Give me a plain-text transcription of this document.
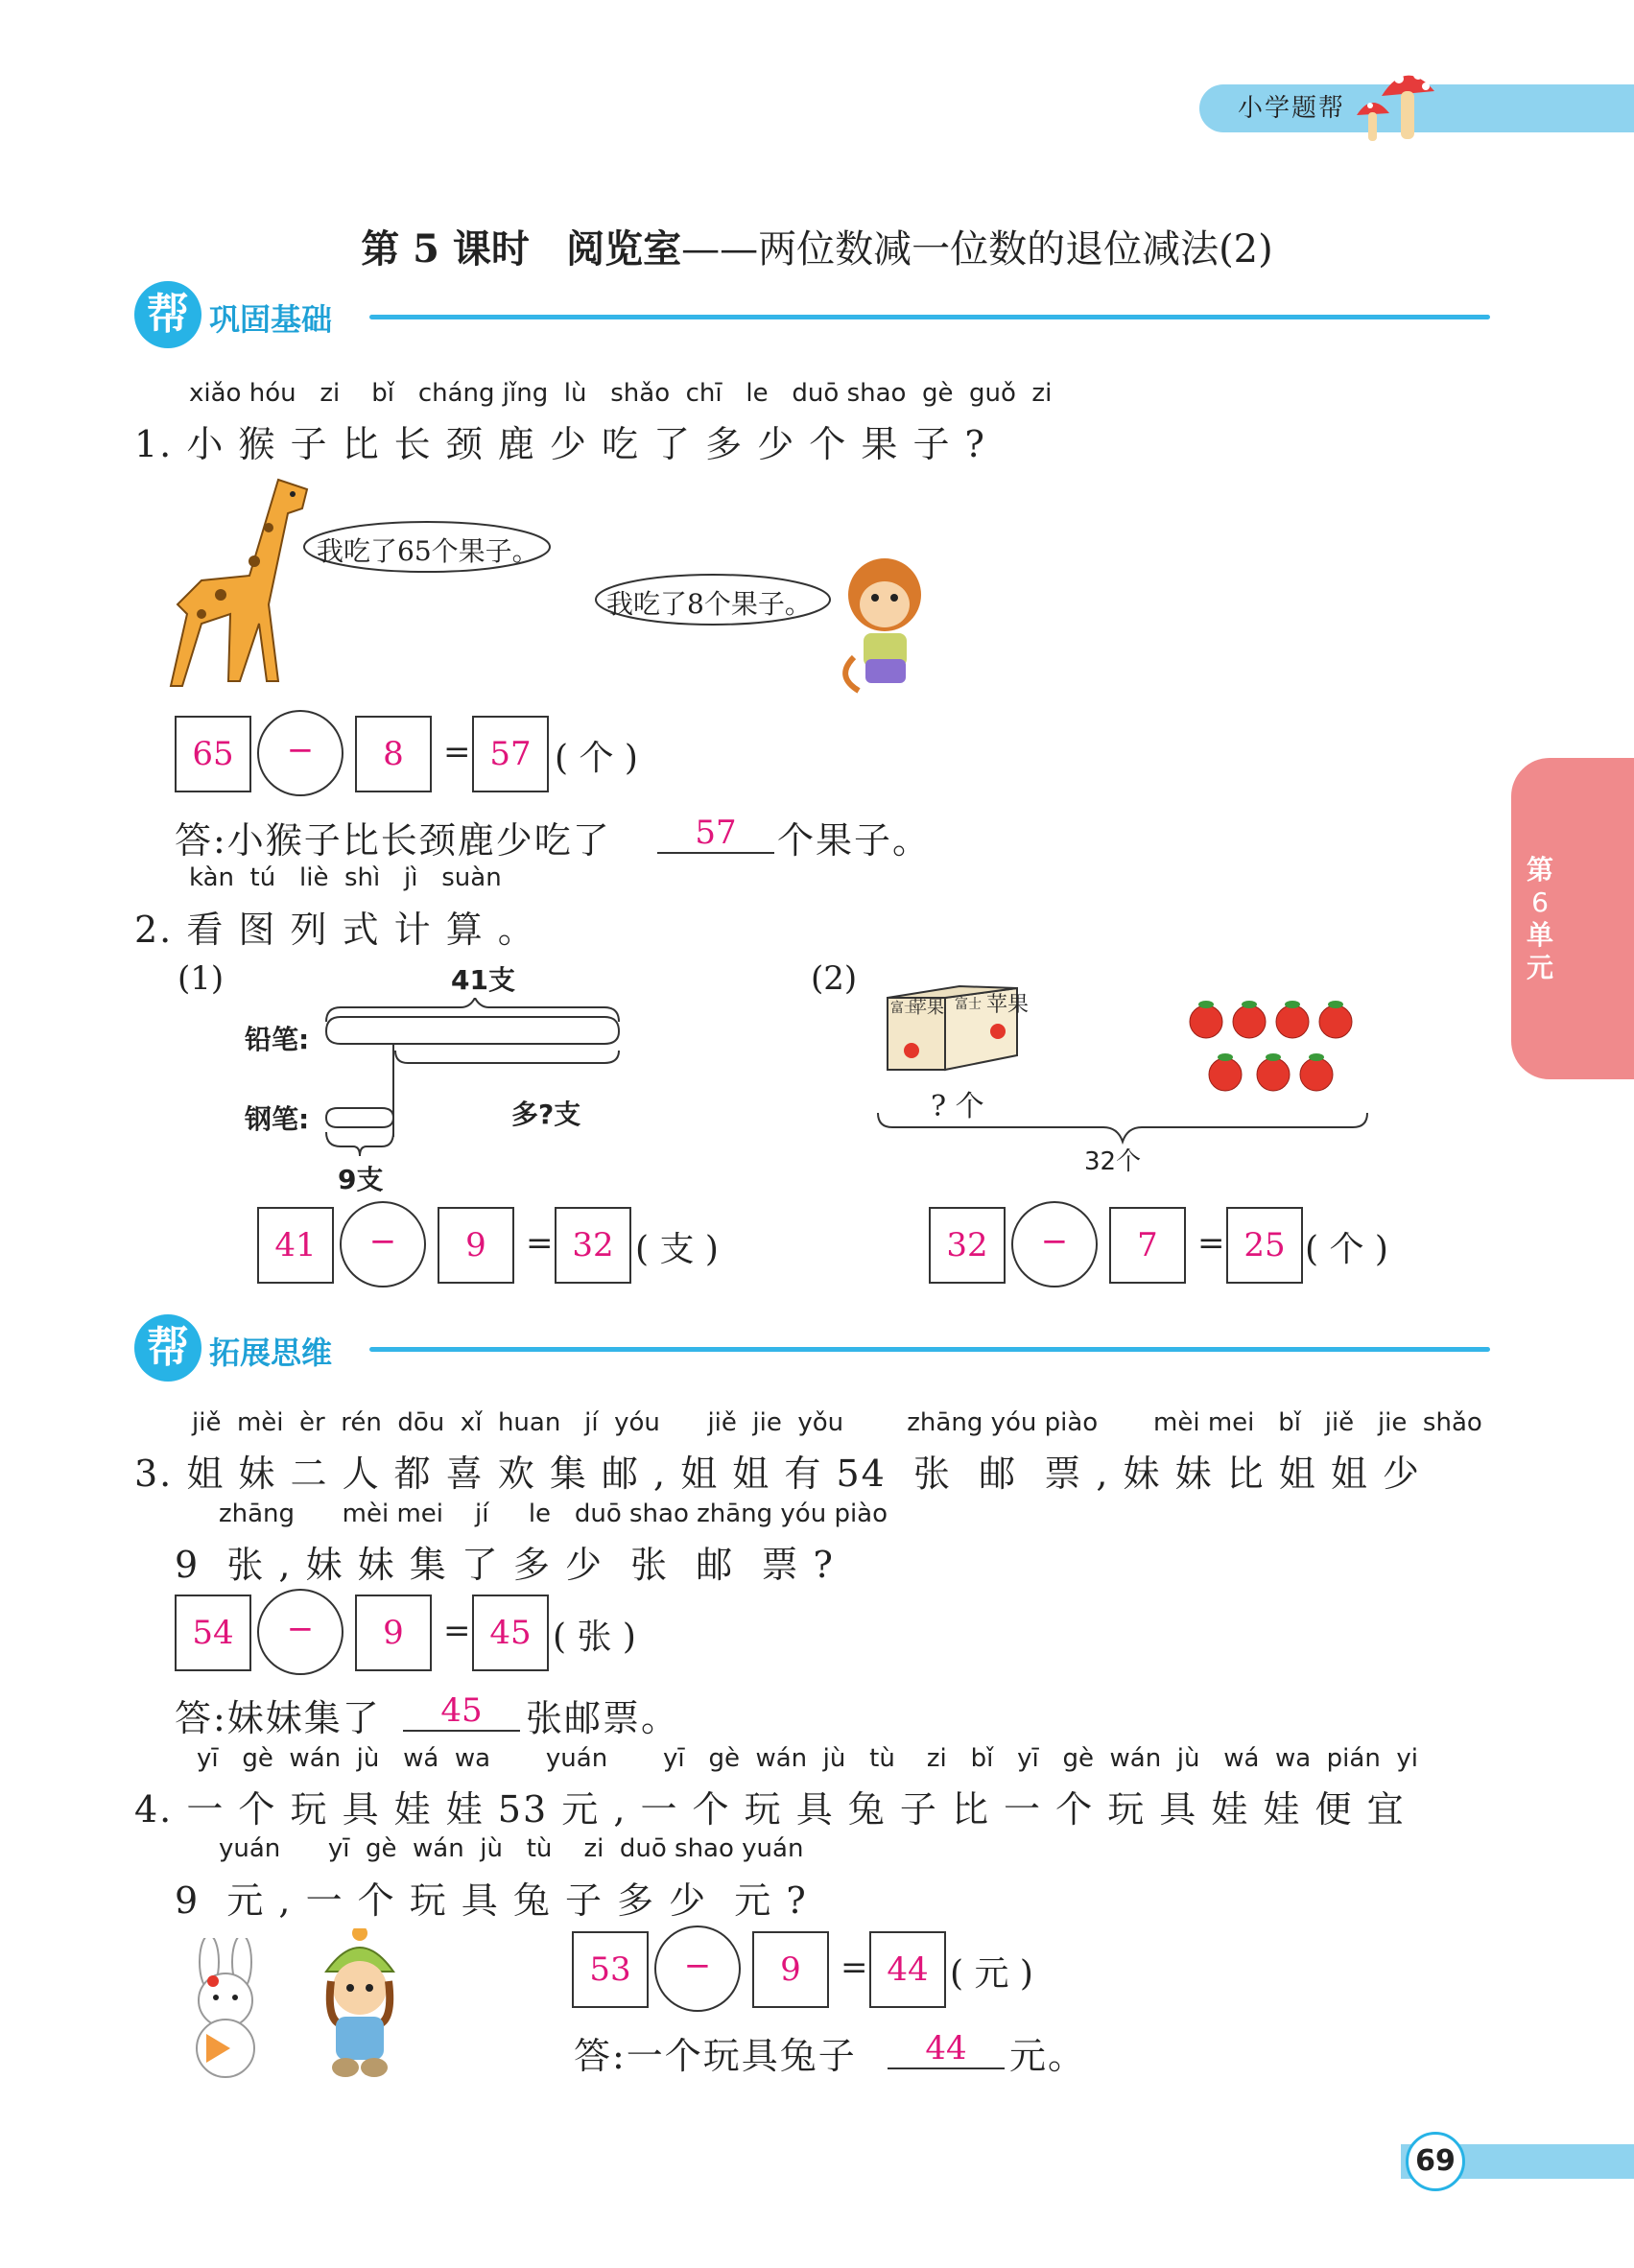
小学题帮
第 5 课时 阅览室——两位数减一位数的退位减法(2)
帮 巩固基础
xiǎo hóu   zi    bǐ   cháng jǐng  lù   shǎo  chī   le   duō shao  gè  guǒ  zi
1. 小 猴 子 比 长 颈 鹿 少 吃 了 多 少 个 果 子 ?
我吃了65个果子。
我吃了8个果子。
65	−	8	= 57 ( 个 )
答:小猴子比长颈鹿少吃了	57	个果子。
kàn  tú   liè  shì   jì   suàn
2. 看 图 列 式 计 算 。
(1)	41支
铅笔:
钢笔:	多?支
9支
41	−	9	= 32 ( 支 )
(2)
富士
苹果 富士 苹果
? 个
32个
32	−	7	= 25 ( 个 )
帮 拓展思维
jiě  mèi  èr  rén  dōu  xǐ  huan   jí  yóu      jiě  jie  yǒu        zhāng yóu piào       mèi mei   bǐ   jiě   jie  shǎo
3. 姐 妹 二 人 都 喜 欢 集 邮 , 姐 姐 有 54  张  邮  票 , 妹 妹 比 姐 姐 少
zhāng      mèi mei    jí     le   duō shao zhāng yóu piào
9  张 , 妹 妹 集 了 多 少  张  邮  票 ?
54	−	9	= 45 ( 张 )
答:妹妹集了	45	张邮票。
yī   gè  wán  jù   wá  wa       yuán       yī   gè  wán  jù   tù    zi   bǐ   yī   gè  wán  jù   wá  wa  pián  yi
4. 一 个 玩 具 娃 娃 53 元 , 一 个 玩 具 兔 子 比 一 个 玩 具 娃 娃 便 宜
yuán      yī  gè  wán  jù   tù    zi  duō shao yuán
9  元 , 一 个 玩 具 兔 子 多 少  元 ?
53	−	9	= 44 ( 元 )
答:一个玩具兔子	44	元。
第
6
单
元
69
